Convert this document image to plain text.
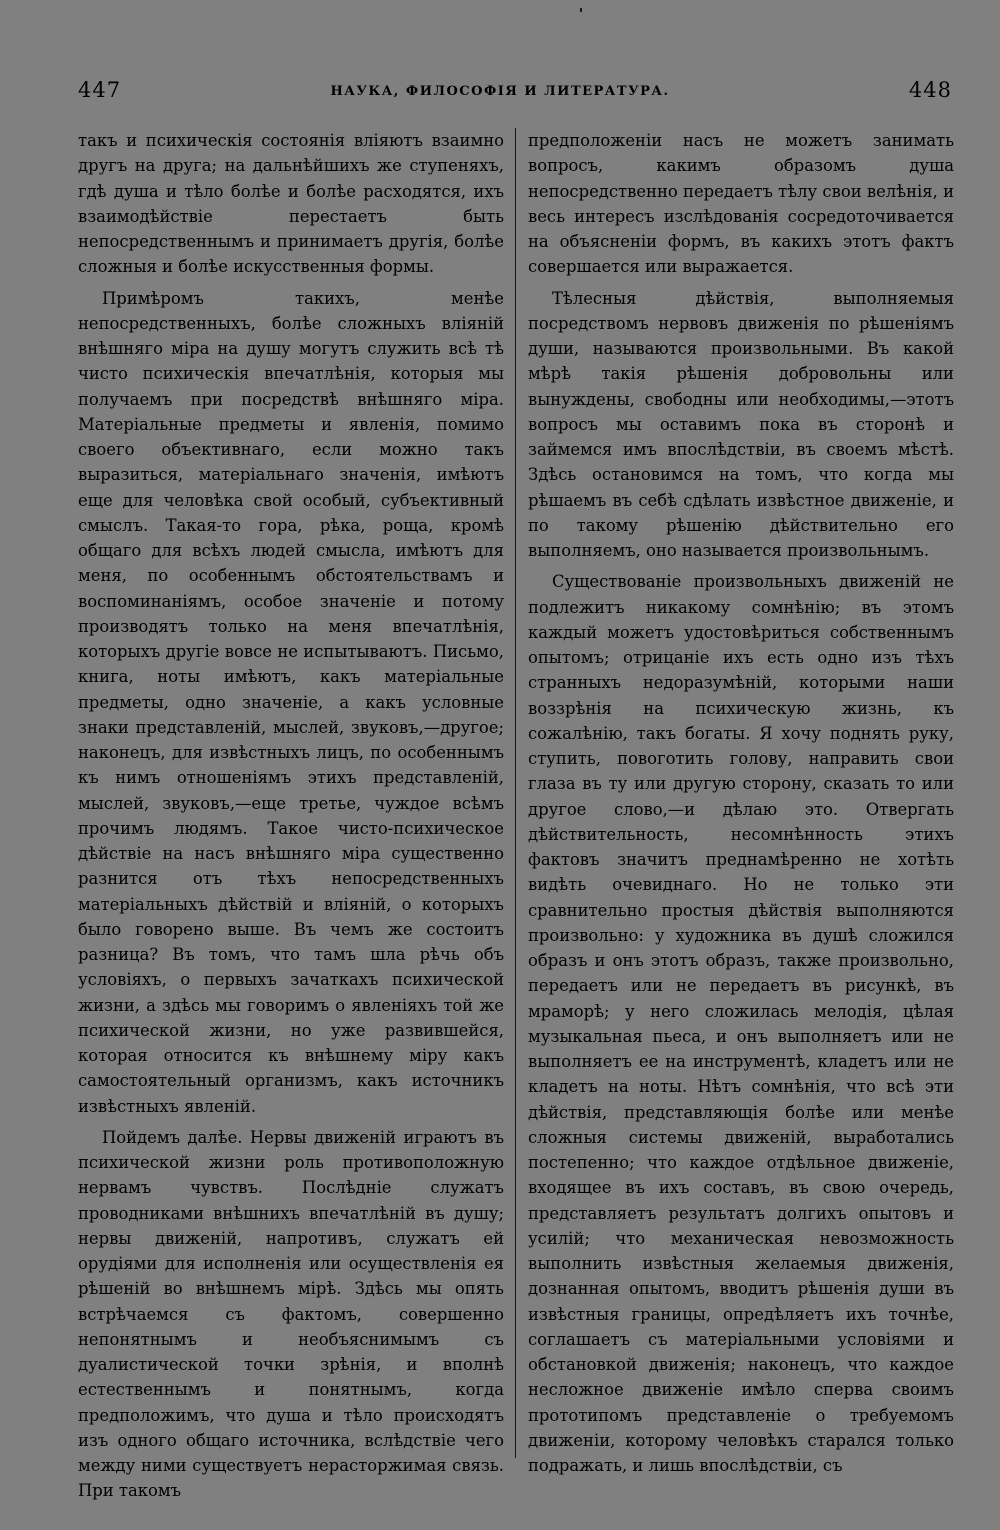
447	НАУКА, ФИЛОСОФІЯ И ЛИТЕРАТУРА.	448

такъ и психическія состоянія вліяютъ взаимно другъ на друга; на дальнѣйшихъ же ступеняхъ, гдѣ душа и тѣло болѣе и болѣе расходятся, ихъ взаимодѣйствіе перестаетъ быть непосредственнымъ и принимаетъ другія, болѣе сложныя и болѣе искусственныя формы.

Примѣромъ такихъ, менѣе непосредственныхъ, болѣе сложныхъ вліяній внѣшняго міра на душу могутъ служить всѣ тѣ чисто психическія впечатлѣнія, которыя мы получаемъ при посредствѣ внѣшняго міра. Матеріальные предметы и явленія, помимо своего объективнаго, если можно такъ выразиться, матеріальнаго значенія, имѣютъ еще для человѣка свой особый, субъективный смыслъ. Такая-то гора, рѣка, роща, кромѣ общаго для всѣхъ людей смысла, имѣютъ для меня, по особеннымъ обстоятельствамъ и воспоминаніямъ, особое значеніе и потому производятъ только на меня впечатлѣнія, которыхъ другіе вовсе не испытываютъ. Письмо, книга, ноты имѣютъ, какъ матеріальные предметы, одно значеніе, а какъ условные знаки представленій, мыслей, звуковъ,—другое; наконецъ, для извѣстныхъ лицъ, по особеннымъ къ нимъ отношеніямъ этихъ представленій, мыслей, звуковъ,—еще третье, чуждое всѣмъ прочимъ людямъ. Такое чисто-психическое дѣйствіе на насъ внѣшняго міра существенно разнится отъ тѣхъ непосредственныхъ матеріальныхъ дѣйствій и вліяній, о которыхъ было говорено выше. Въ чемъ же состоитъ разница? Въ томъ, что тамъ шла рѣчь объ условіяхъ, о первыхъ зачаткахъ психической жизни, а здѣсь мы говоримъ о явленіяхъ той же психической жизни, но уже развившейся, которая относится къ внѣшнему міру какъ самостоятельный организмъ, какъ источникъ извѣстныхъ явленій.

Пойдемъ далѣе. Нервы движеній играютъ въ психической жизни роль противоположную нервамъ чувствъ. Послѣдніе служатъ проводниками внѣшнихъ впечатлѣній въ душу; нервы движеній, напротивъ, служатъ ей орудіями для исполненія или осуществленія ея рѣшеній во внѣшнемъ мірѣ. Здѣсь мы опять встрѣчаемся съ фактомъ, совершенно непонятнымъ и необъяснимымъ съ дуалистической точки зрѣнія, и вполнѣ естественнымъ и понятнымъ, когда предположимъ, что душа и тѣло происходятъ изъ одного общаго источника, вслѣдствіе чего между ними существуетъ нерасторжимая связь. При такомъ

предположеніи насъ не можетъ занимать вопросъ, какимъ образомъ душа непосредственно передаетъ тѣлу свои велѣнія, и весь интересъ изслѣдованія сосредоточивается на объясненіи формъ, въ какихъ этотъ фактъ совершается или выражается.

Тѣлесныя дѣйствія, выполняемыя посредствомъ нервовъ движенія по рѣшеніямъ души, называются произвольными. Въ какой мѣрѣ такія рѣшенія добровольны или вынуждены, свободны или необходимы,—этотъ вопросъ мы оставимъ пока въ сторонѣ и займемся имъ впослѣдствіи, въ своемъ мѣстѣ. Здѣсь остановимся на томъ, что когда мы рѣшаемъ въ себѣ сдѣлать извѣстное движеніе, и по такому рѣшенію дѣйствительно его выполняемъ, оно называется произвольнымъ.

Существованіе произвольныхъ движеній не подлежитъ никакому сомнѣнію; въ этомъ каждый можетъ удостовѣриться собственнымъ опытомъ; отрицаніе ихъ есть одно изъ тѣхъ странныхъ недоразумѣній, которыми наши воззрѣнія на психическую жизнь, къ сожалѣнію, такъ богаты. Я хочу поднять руку, ступить, повоготить голову, направить свои глаза въ ту или другую сторону, сказать то или другое слово,—и дѣлаю это. Отвергать дѣйствительность, несомнѣнность этихъ фактовъ значитъ преднамѣренно не хотѣть видѣть очевиднаго. Но не только эти сравнительно простыя дѣйствія выполняются произвольно: у художника въ душѣ сложился образъ и онъ этотъ образъ, также произвольно, передаетъ или не передаетъ въ рисункѣ, въ мраморѣ; у него сложилась мелодія, цѣлая музыкальная пьеса, и онъ выполняетъ или не выполняетъ ее на инструментѣ, кладетъ или не кладетъ на ноты. Нѣтъ сомнѣнія, что всѣ эти дѣйствія, представляющія болѣе или менѣе сложныя системы движеній, выработались постепенно; что каждое отдѣльное движеніе, входящее въ ихъ составъ, въ свою очередь, представляетъ результатъ долгихъ опытовъ и усилій; что механическая невозможность выполнить извѣстныя желаемыя движенія, дознанная опытомъ, вводитъ рѣшенія души въ извѣстныя границы, опредѣляетъ ихъ точнѣе, соглашаетъ съ матеріальными условіями и обстановкой движенія; наконецъ, что каждое несложное движеніе имѣло сперва своимъ прототипомъ представленіе о требуемомъ движеніи, которому человѣкъ старался только подражать, и лишь впослѣдствіи, съ
